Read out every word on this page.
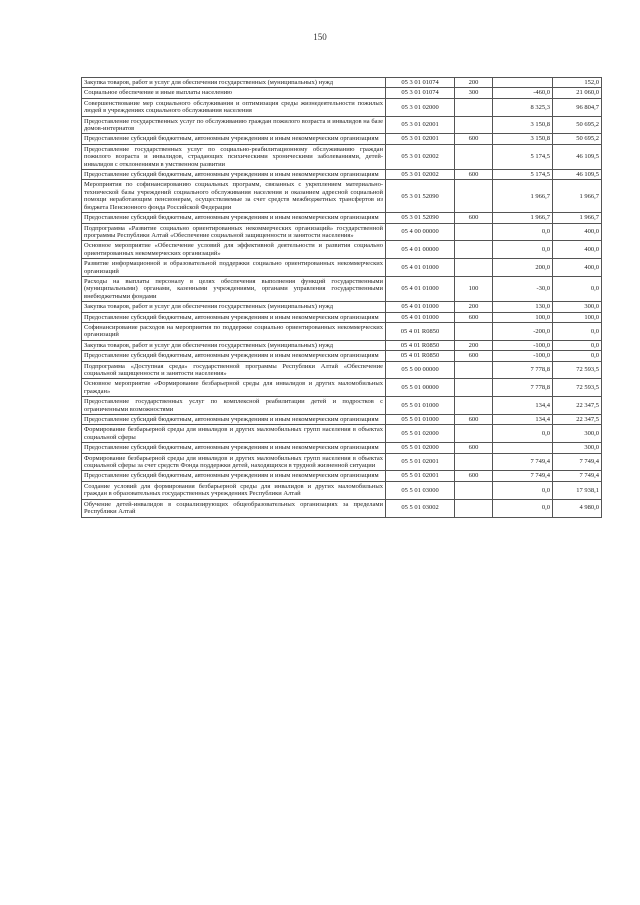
150
Закупка товаров, работ и услуг для обеспечения государственных (муниципальных) нужд	05 3 01 01074	200		152,0
Социальное обеспечение и иные выплаты населению	05 3 01 01074	300	-460,0	21 060,0
Совершенствование мер социального обслуживания и оптимизация среды жизнедеятельности пожилых людей в учреждениях социального обслуживания населения	05 3 01 02000		8 325,3	96 804,7
Предоставление государственных услуг по обслуживанию граждан пожилого возраста и инвалидов на базе домов-интернатов	05 3 01 02001		3 150,8	50 695,2
Предоставление субсидий бюджетным, автономным учреждениям и иным некоммерческим организациям	05 3 01 02001	600	3 150,8	50 695,2
Предоставление государственных услуг по социально-реабилитационному обслуживанию граждан пожилого возраста и инвалидов, страдающих психическими хроническими заболеваниями, детей-инвалидов с отклонениями в умственном развитии	05 3 01 02002		5 174,5	46 109,5
Предоставление субсидий бюджетным, автономным учреждениям и иным некоммерческим организациям	05 3 01 02002	600	5 174,5	46 109,5
Мероприятия по софинансированию социальных программ, связанных с укреплением материально-технической базы учреждений социального обслуживания населения и оказанием адресной социальной помощи неработающим пенсионерам, осуществляемые за счет средств межбюджетных трансфертов из бюджета Пенсионного фонда Российской Федерации	05 3 01 52090		1 966,7	1 966,7
Предоставление субсидий бюджетным, автономным учреждениям и иным некоммерческим организациям	05 3 01 52090	600	1 966,7	1 966,7
Подпрограмма «Развитие социально ориентированных некоммерческих организаций» государственной программы Республики Алтай «Обеспечение социальной защищенности и занятости населения»	05 4 00 00000		0,0	400,0
Основное мероприятие «Обеспечение условий для эффективной деятельности и развития социально ориентированных некоммерческих организаций»	05 4 01 00000		0,0	400,0
Развитие информационной и образовательной поддержки социально ориентированных некоммерческих организаций	05 4 01 01000		200,0	400,0
Расходы на выплаты персоналу в целях обеспечения выполнения функций государственными (муниципальными) органами, казенными учреждениями, органами управления государственными внебюджетными фондами	05 4 01 01000	100	-30,0	0,0
Закупка товаров, работ и услуг для обеспечения государственных (муниципальных) нужд	05 4 01 01000	200	130,0	300,0
Предоставление субсидий бюджетным, автономным учреждениям и иным некоммерческим организациям	05 4 01 01000	600	100,0	100,0
Софинансирование расходов на мероприятия по поддержке социально ориентированных некоммерческих организаций	05 4 01 R0850		-200,0	0,0
Закупка товаров, работ и услуг для обеспечения государственных (муниципальных) нужд	05 4 01 R0850	200	-100,0	0,0
Предоставление субсидий бюджетным, автономным учреждениям и иным некоммерческим организациям	05 4 01 R0850	600	-100,0	0,0
Подпрограмма «Доступная среда» государственной программы Республики Алтай «Обеспечение социальной защищенности и занятости населения»	05 5 00 00000		7 778,8	72 593,5
Основное мероприятие «Формирование безбарьерной среды для инвалидов и других маломобильных граждан»	05 5 01 00000		7 778,8	72 593,5
Предоставление государственных услуг по комплексной реабилитации детей и подростков с ограниченными возможностями	05 5 01 01000		134,4	22 347,5
Предоставление субсидий бюджетным, автономным учреждениям и иным некоммерческим организациям	05 5 01 01000	600	134,4	22 347,5
Формирование безбарьерной среды для инвалидов и других маломобильных групп населения в объектах социальной сферы	05 5 01 02000		0,0	300,0
Предоставление субсидий бюджетным, автономным учреждениям и иным некоммерческим организациям	05 5 01 02000	600		300,0
Формирование безбарьерной среды для инвалидов и других маломобильных групп населения в объектах социальной сферы за счет средств Фонда поддержки детей, находящихся в трудной жизненной ситуации	05 5 01 02001		7 749,4	7 749,4
Предоставление субсидий бюджетным, автономным учреждениям и иным некоммерческим организациям	05 5 01 02001	600	7 749,4	7 749,4
Создание условий для формирования безбарьерной среды для инвалидов и других маломобильных граждан в образовательных государственных учреждениях Республики Алтай	05 5 01 03000		0,0	17 938,1
Обучение детей-инвалидов в социализирующих общеобразовательных организациях за пределами Республики Алтай	05 5 01 03002		0,0	4 980,0
